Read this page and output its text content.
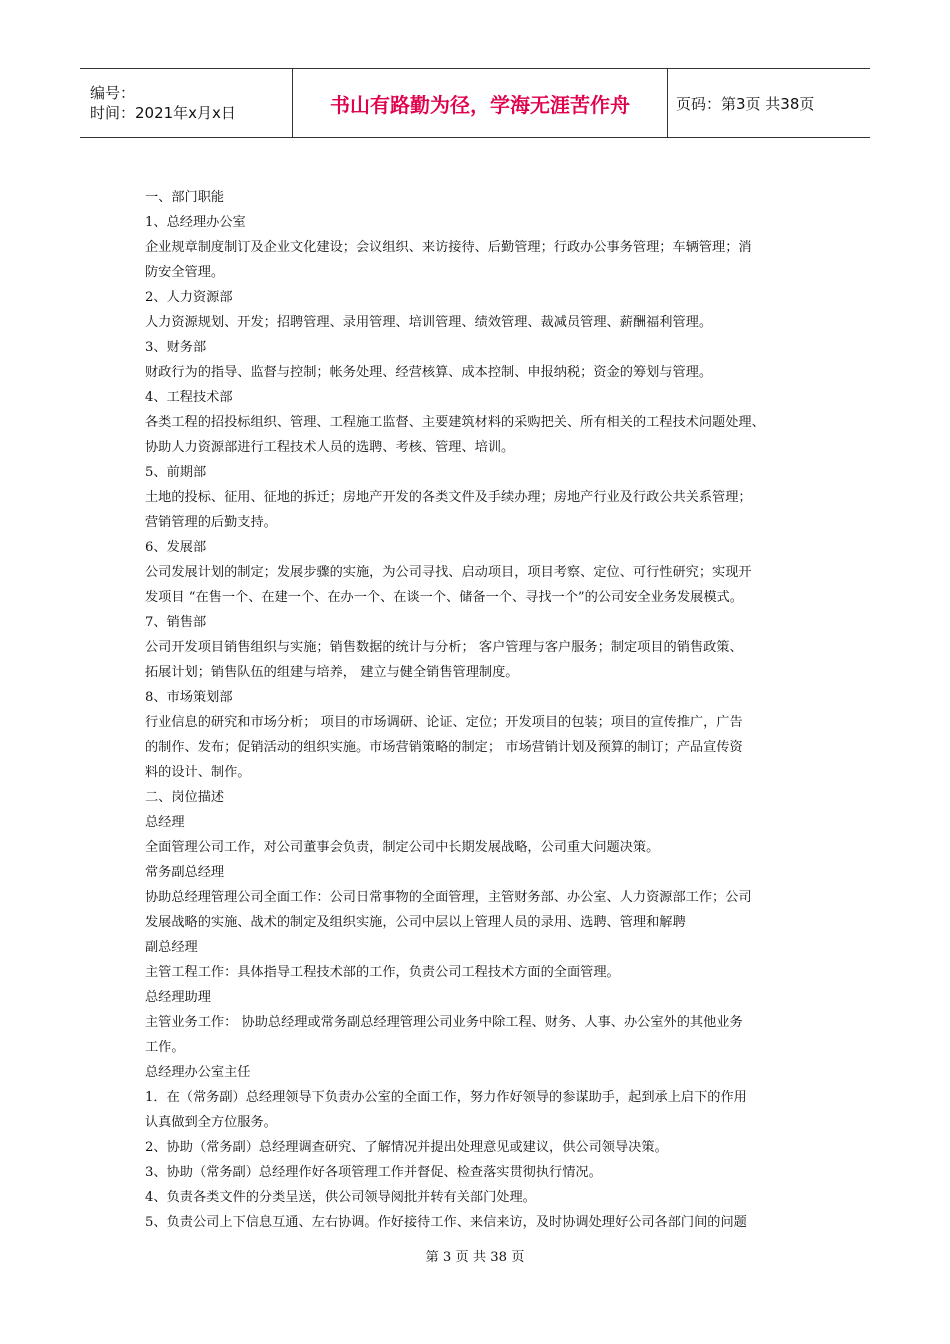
编号：
时间：2021年x月x日	书山有路勤为径，学海无涯苦作舟	页码：第3页 共38页
一、部门职能
1、总经理办公室
企业规章制度制订及企业文化建设；会议组织、来访接待、后勤管理；行政办公事务管理；车辆管理；消
防安全管理。
2、人力资源部
人力资源规划、开发；招聘管理、录用管理、培训管理、绩效管理、裁减员管理、薪酬福利管理。
3、财务部
财政行为的指导、监督与控制；帐务处理、经营核算、成本控制、申报纳税；资金的筹划与管理。
4、工程技术部
各类工程的招投标组织、管理、工程施工监督、主要建筑材料的采购把关、所有相关的工程技术问题处理、
协助人力资源部进行工程技术人员的选聘、考核、管理、培训。
5、前期部
土地的投标、征用、征地的拆迁；房地产开发的各类文件及手续办理；房地产行业及行政公共关系管理；
营销管理的后勤支持。
6、发展部
公司发展计划的制定；发展步骤的实施，为公司寻找、启动项目，项目考察、定位、可行性研究；实现开
发项目 “在售一个、在建一个、在办一个、在谈一个、储备一个、寻找一个”的公司安全业务发展模式。
7、销售部
公司开发项目销售组织与实施；销售数据的统计与分析； 客户管理与客户服务；制定项目的销售政策、
拓展计划；销售队伍的组建与培养， 建立与健全销售管理制度。
8、市场策划部
行业信息的研究和市场分析； 项目的市场调研、论证、定位；开发项目的包装；项目的宣传推广，广告
的制作、发布；促销活动的组织实施。市场营销策略的制定； 市场营销计划及预算的制订；产品宣传资
料的设计、制作。
二、岗位描述
总经理
全面管理公司工作，对公司董事会负责，制定公司中长期发展战略，公司重大问题决策。
常务副总经理
协助总经理管理公司全面工作：公司日常事物的全面管理，主管财务部、办公室、人力资源部工作；公司
发展战略的实施、战术的制定及组织实施，公司中层以上管理人员的录用、选聘、管理和解聘
副总经理
主管工程工作：具体指导工程技术部的工作，负责公司工程技术方面的全面管理。
总经理助理
主管业务工作： 协助总经理或常务副总经理管理公司业务中除工程、财务、人事、办公室外的其他业务
工作。
总经理办公室主任
1．在（常务副）总经理领导下负责办公室的全面工作，努力作好领导的参谋助手，起到承上启下的作用
认真做到全方位服务。
2、协助（常务副）总经理调查研究、了解情况并提出处理意见或建议，供公司领导决策。
3、协助（常务副）总经理作好各项管理工作并督促、检查落实贯彻执行情况。
4、负责各类文件的分类呈送，供公司领导阅批并转有关部门处理。
5、负责公司上下信息互通、左右协调。作好接待工作、来信来访，及时协调处理好公司各部门间的问题
第 3 页 共 38 页
